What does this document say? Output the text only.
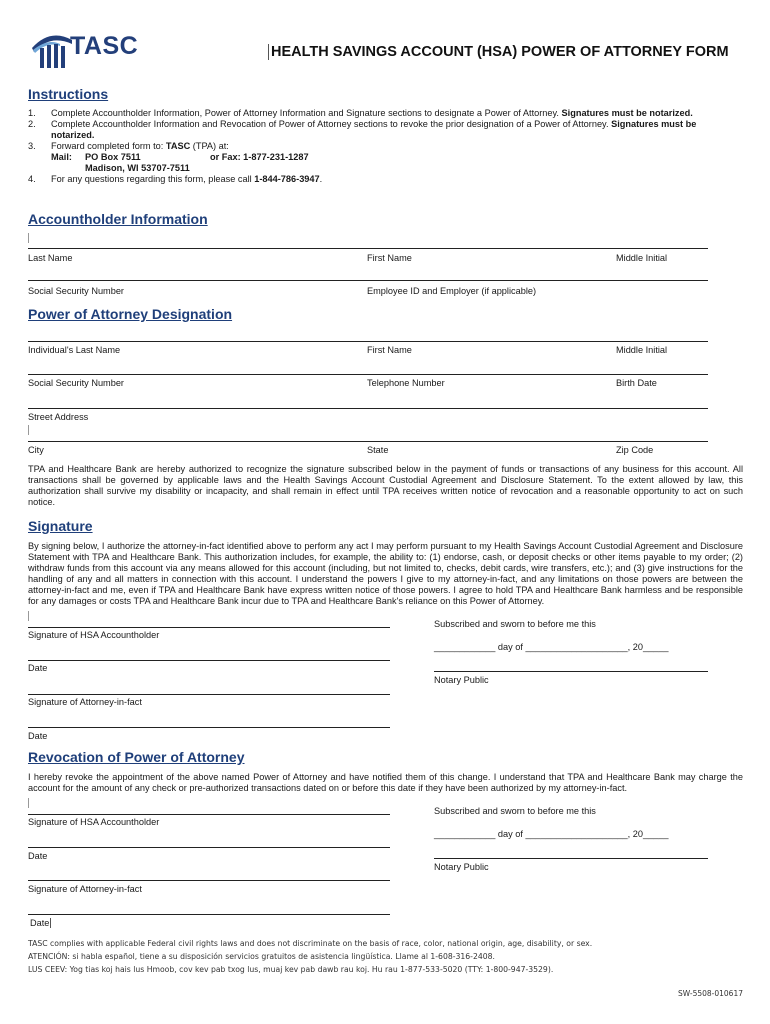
TASC	HEALTH SAVINGS ACCOUNT (HSA) POWER OF ATTORNEY FORM
Instructions
1. Complete Accountholder Information, Power of Attorney Information and Signature sections to designate a Power of Attorney. Signatures must be notarized.
2. Complete Accountholder Information and Revocation of Power of Attorney sections to revoke the prior designation of a Power of Attorney. Signatures must be notarized.
3. Forward completed form to: TASC (TPA) at:
Mail: PO Box 7511	or Fax: 1-877-231-1287
Madison, WI 53707-7511
4. For any questions regarding this form, please call 1-844-786-3947.
Accountholder Information
Last Name	First Name	Middle Initial
Social Security Number	Employee ID and Employer (if applicable)
Power of Attorney Designation
Individual's Last Name	First Name	Middle Initial
Social Security Number	Telephone Number	Birth Date
Street Address
City	State	Zip Code
TPA and Healthcare Bank are hereby authorized to recognize the signature subscribed below in the payment of funds or transactions of any business for this account. All transactions shall be governed by applicable laws and the Health Savings Account Custodial Agreement and Disclosure Statement. To the extent allowed by law, this authorization shall survive my disability or incapacity, and shall remain in effect until TPA receives written notice of revocation and a reasonable opportunity to act on such notice.
Signature
By signing below, I authorize the attorney-in-fact identified above to perform any act I may perform pursuant to my Health Savings Account Custodial Agreement and Disclosure Statement with TPA and Healthcare Bank. This authorization includes, for example, the ability to: (1) endorse, cash, or deposit checks or other items payable to my order; (2) withdraw funds from this account via any means allowed for this account (including, but not limited to, checks, debit cards, wire transfers, etc.); and (3) give instructions for the handling of any and all matters in connection with this account. I understand the powers I give to my attorney-in-fact, and any limitations on those powers are between the attorney-in-fact and me, even if TPA and Healthcare Bank have express written notice of those powers. I agree to hold TPA and Healthcare Bank harmless and be responsible for any damages or costs TPA and Healthcare Bank incur due to TPA and Healthcare Bank's reliance on this Power of Attorney.
Signature of HSA Accountholder
Date
Signature of Attorney-in-fact
Date
Subscribed and sworn to before me this
____________ day of ____________________, 20_____
Notary Public
Revocation of Power of Attorney
I hereby revoke the appointment of the above named Power of Attorney and have notified them of this change. I understand that TPA and Healthcare Bank may charge the account for the amount of any check or pre-authorized transactions dated on or before this date if they have been authorized by my attorney-in-fact.
Signature of HSA Accountholder
Date
Signature of Attorney-in-fact
Date
Subscribed and sworn to before me this
____________ day of ____________________, 20_____
Notary Public
TASC complies with applicable Federal civil rights laws and does not discriminate on the basis of race, color, national origin, age, disability, or sex.
ATENCIÓN: si habla español, tiene a su disposición servicios gratuitos de asistencia lingüística. Llame al 1-608-316-2408.
LUS CEEV: Yog tias koj hais lus Hmoob, cov kev pab txog lus, muaj kev pab dawb rau koj. Hu rau 1-877-533-5020 (TTY: 1-800-947-3529).
SW-5508-010617
